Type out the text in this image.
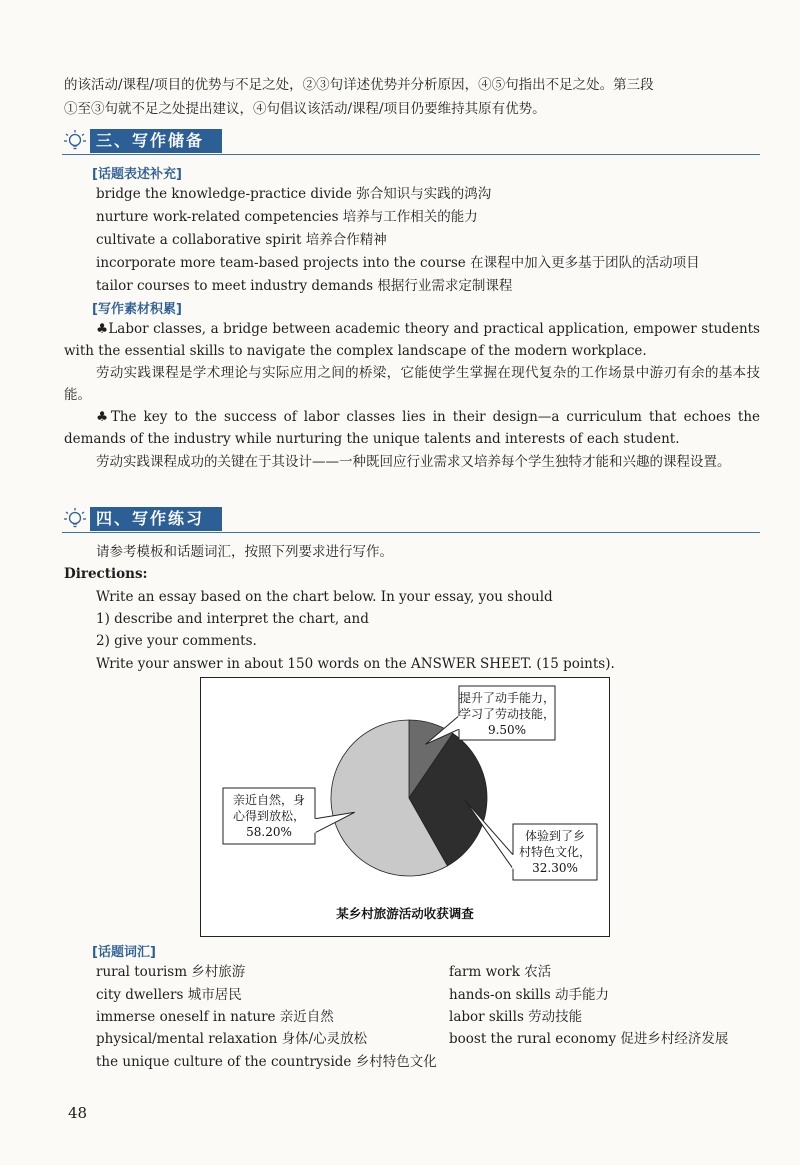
的该活动/课程/项目的优势与不足之处，②③句详述优势并分析原因，④⑤句指出不足之处。第三段
①至③句就不足之处提出建议，④句倡议该活动/课程/项目仍要维持其原有优势。
三、写作储备
[话题表述补充]
bridge the knowledge-practice divide 弥合知识与实践的鸿沟
nurture work-related competencies 培养与工作相关的能力
cultivate a collaborative spirit 培养合作精神
incorporate more team-based projects into the course 在课程中加入更多基于团队的活动项目
tailor courses to meet industry demands 根据行业需求定制课程
[写作素材积累]
♣Labor classes, a bridge between academic theory and practical application, empower students with the essential skills to navigate the complex landscape of the modern workplace.
劳动实践课程是学术理论与实际应用之间的桥梁，它能使学生掌握在现代复杂的工作场景中游刃有余的基本技能。
♣The key to the success of labor classes lies in their design—a curriculum that echoes the demands of the industry while nurturing the unique talents and interests of each student.
劳动实践课程成功的关键在于其设计——一种既回应行业需求又培养每个学生独特才能和兴趣的课程设置。
四、写作练习
请参考模板和话题词汇，按照下列要求进行写作。
Directions:
Write an essay based on the chart below. In your essay, you should
1) describe and interpret the chart, and
2) give your comments.
Write your answer in about 150 words on the ANSWER SHEET. (15 points).
提升了动手能力，
学习了劳动技能，
9.50%
体验到了乡
村特色文化，
32.30%
亲近自然，身
心得到放松，
58.20%
某乡村旅游活动收获调查
[话题词汇]
rural tourism 乡村旅游
city dwellers 城市居民
immerse oneself in nature 亲近自然
physical/mental relaxation 身体/心灵放松
the unique culture of the countryside 乡村特色文化
farm work 农活
hands-on skills 动手能力
labor skills 劳动技能
boost the rural economy 促进乡村经济发展
48
